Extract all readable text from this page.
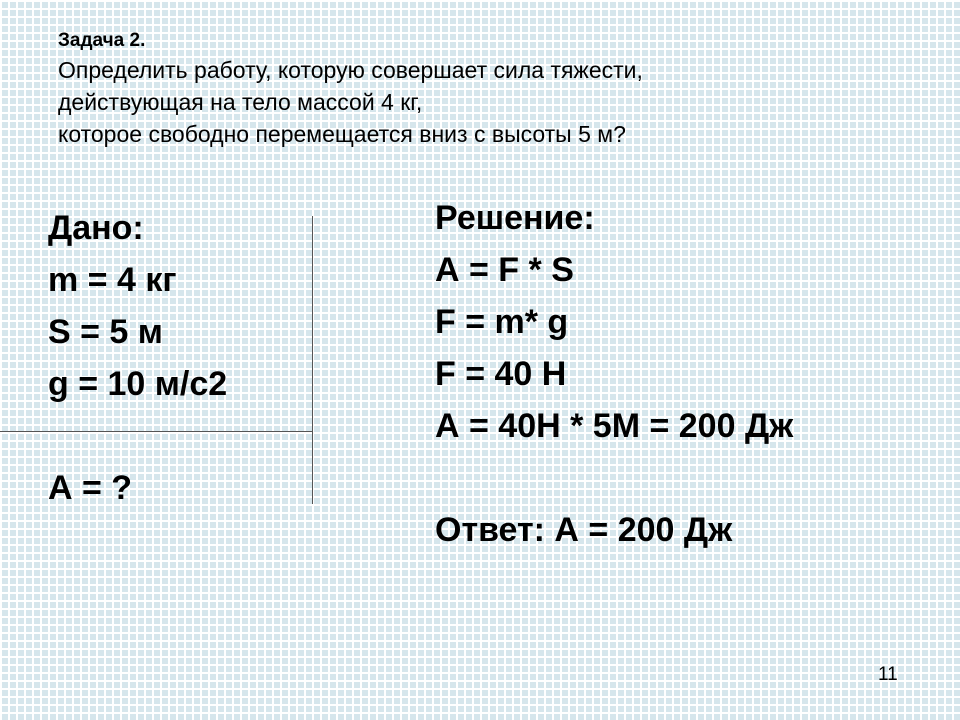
Задача 2.
Определить работу, которую совершает сила тяжести,
действующая на тело массой 4 кг,
которое свободно перемещается вниз с высоты 5 м?
Дано:
m = 4 кг
S = 5 м
g = 10 м/с2
А = ?
Решение:
А = F * S
F = m* g
F = 40 Н
А = 40Н * 5М = 200 Дж
Ответ: А = 200 Дж
11
